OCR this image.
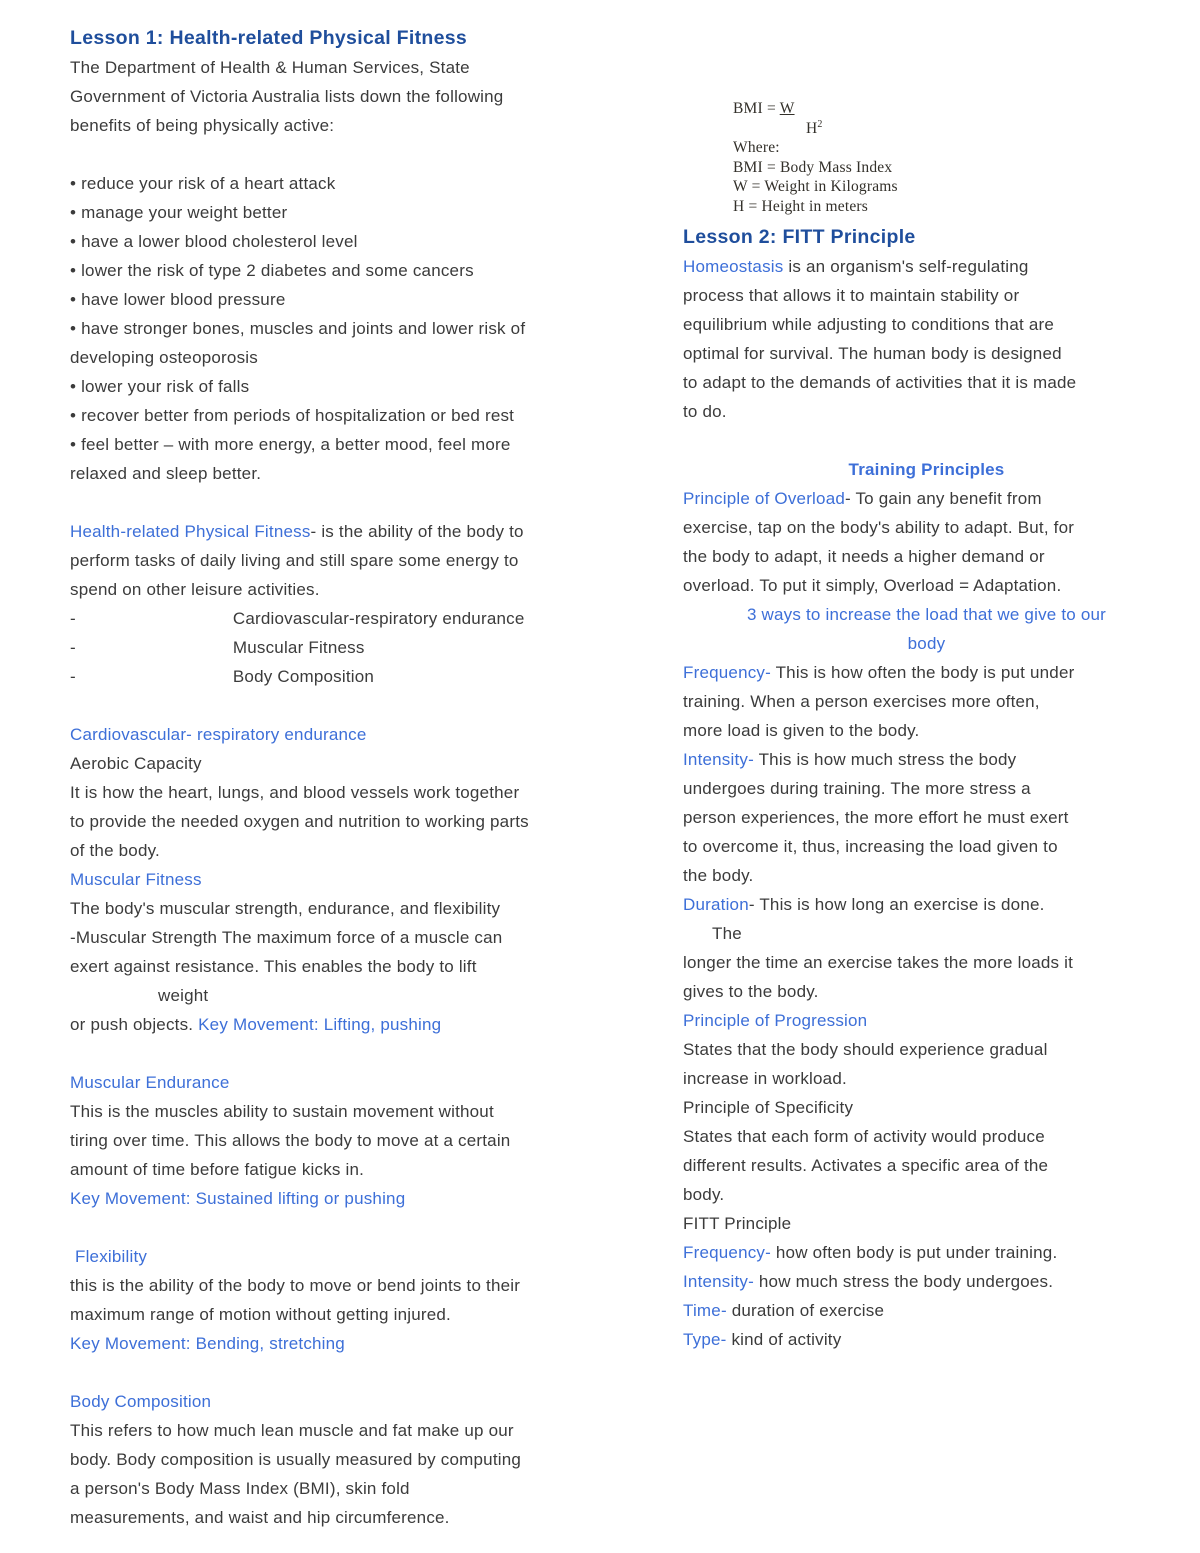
BMI = W
$H^2$
Where:
BMI = Body Mass Index
W = Weight in Kilograms
H = Height in meters
Lesson 1: Health-related Physical Fitness
The Department of Health & Human Services, State
Government of Victoria Australia lists down the following
benefits of being physically active:

• reduce your risk of a heart attack
• manage your weight better
• have a lower blood cholesterol level
• lower the risk of type 2 diabetes and some cancers
• have lower blood pressure
• have stronger bones, muscles and joints and lower risk of
developing osteoporosis
• lower your risk of falls
• recover better from periods of hospitalization or bed rest
• feel better – with more energy, a better mood, feel more
relaxed and sleep better.

Health-related Physical Fitness- is the ability of the body to
perform tasks of daily living and still spare some energy to
spend on other leisure activities.
-	Cardiovascular-respiratory endurance
-	Muscular Fitness
-	Body Composition

Cardiovascular- respiratory endurance
Aerobic Capacity
It is how the heart, lungs, and blood vessels work together
to provide the needed oxygen and nutrition to working parts
of the body.
Muscular Fitness
The body's muscular strength, endurance, and flexibility
-Muscular Strength The maximum force of a muscle can
exert against resistance. This enables the body to lift
weight
or push objects. Key Movement: Lifting, pushing

Muscular Endurance
This is the muscles ability to sustain movement without
tiring over time. This allows the body to move at a certain
amount of time before fatigue kicks in.
Key Movement: Sustained lifting or pushing

Flexibility
this is the ability of the body to move or bend joints to their
maximum range of motion without getting injured.
Key Movement: Bending, stretching

Body Composition
This refers to how much lean muscle and fat make up our
body. Body composition is usually measured by computing
a person's Body Mass Index (BMI), skin fold
measurements, and waist and hip circumference.
Lesson 2: FITT Principle
Homeostasis is an organism's self-regulating
process that allows it to maintain stability or
equilibrium while adjusting to conditions that are
optimal for survival. The human body is designed
to adapt to the demands of activities that it is made
to do.

Training Principles
Principle of Overload- To gain any benefit from
exercise, tap on the body's ability to adapt. But, for
the body to adapt, it needs a higher demand or
overload. To put it simply, Overload = Adaptation.
3 ways to increase the load that we give to our
body
Frequency- This is how often the body is put under
training. When a person exercises more often,
more load is given to the body.
Intensity- This is how much stress the body
undergoes during training. The more stress a
person experiences, the more effort he must exert
to overcome it, thus, increasing the load given to
the body.
Duration- This is how long an exercise is done.
The
longer the time an exercise takes the more loads it
gives to the body.
Principle of Progression
States that the body should experience gradual
increase in workload.
Principle of Specificity
States that each form of activity would produce
different results. Activates a specific area of the
body.
FITT Principle
Frequency- how often body is put under training.
Intensity- how much stress the body undergoes.
Time- duration of exercise
Type- kind of activity
